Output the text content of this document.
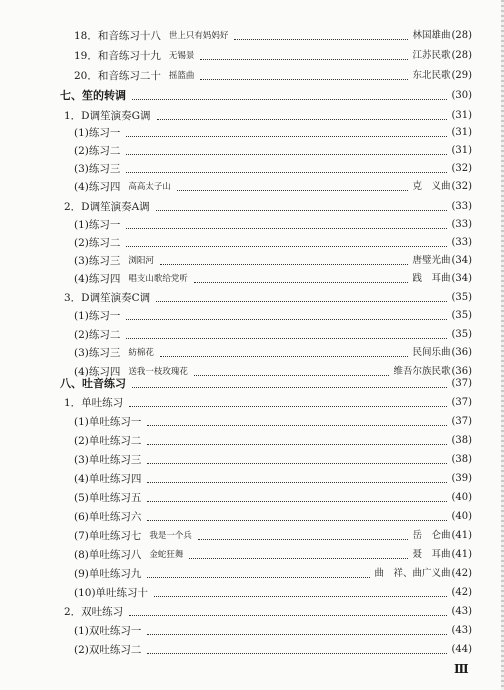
18．和音练习十八 世上只有妈妈好	林国雄曲 (28)
19．和音练习十九 无锡景	江苏民歌 (28)
20．和音练习二十 摇篮曲	东北民歌 (29)
七、笙的转调	(30)
1．D调笙演奏G调	(31)
(1)练习一	(31)
(2)练习二	(31)
(3)练习三	(32)
(4)练习四 高高太子山	克　义曲 (32)
2．D调笙演奏A调	(33)
(1)练习一	(33)
(2)练习二	(33)
(3)练习三 浏阳河	唐璧光曲 (34)
(4)练习四 唱支山歌给党听	践　耳曲 (34)
3．D调笙演奏C调	(35)
(1)练习一	(35)
(2)练习二	(35)
(3)练习三 紡棉花	民间乐曲 (36)
(4)练习四 送我一枝玫瑰花	维吾尔族民歌 (36)
八、吐音练习	(37)
1．单吐练习	(37)
(1)单吐练习一	(37)
(2)单吐练习二	(38)
(3)单吐练习三	(38)
(4)单吐练习四	(39)
(5)单吐练习五	(40)
(6)单吐练习六	(40)
(7)单吐练习七 我是一个兵	岳　仑曲 (41)
(8)单吐练习八 金蛇狂舞	聂　耳曲 (41)
(9)单吐练习九	曲　祥、曲广义曲 (42)
(10)单吐练习十	(42)
2．双吐练习	(43)
(1)双吐练习一	(43)
(2)双吐练习二	(44)
Ⅲ
